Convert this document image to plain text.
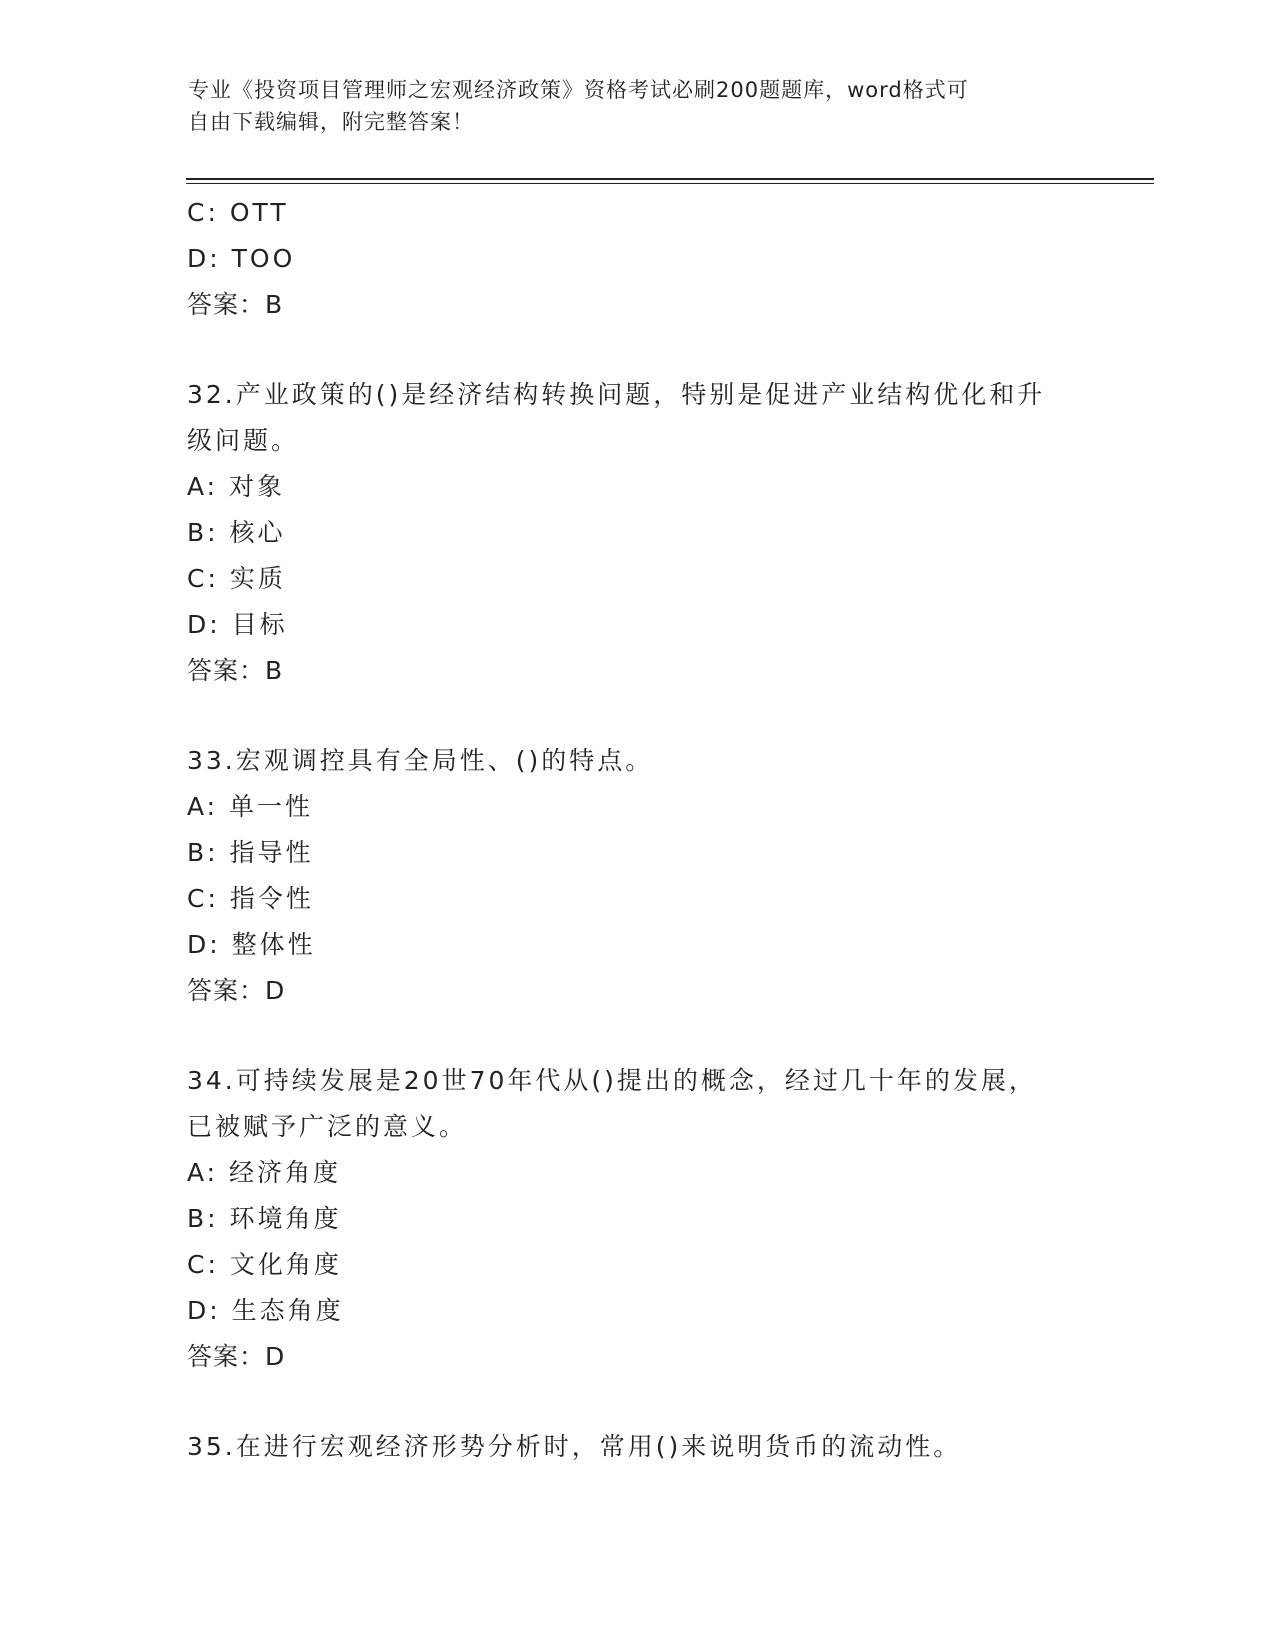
专业《投资项目管理师之宏观经济政策》资格考试必刷200题题库，word格式可
自由下载编辑，附完整答案！
C: OTT
D: TOO
答案：B
32.产业政策的()是经济结构转换问题，特别是促进产业结构优化和升
级问题。
A: 对象
B: 核心
C: 实质
D: 目标
答案：B
33.宏观调控具有全局性、()的特点。
A: 单一性
B: 指导性
C: 指令性
D: 整体性
答案：D
34.可持续发展是20世70年代从()提出的概念，经过几十年的发展，
已被赋予广泛的意义。
A: 经济角度
B: 环境角度
C: 文化角度
D: 生态角度
答案：D
35.在进行宏观经济形势分析时，常用()来说明货币的流动性。
